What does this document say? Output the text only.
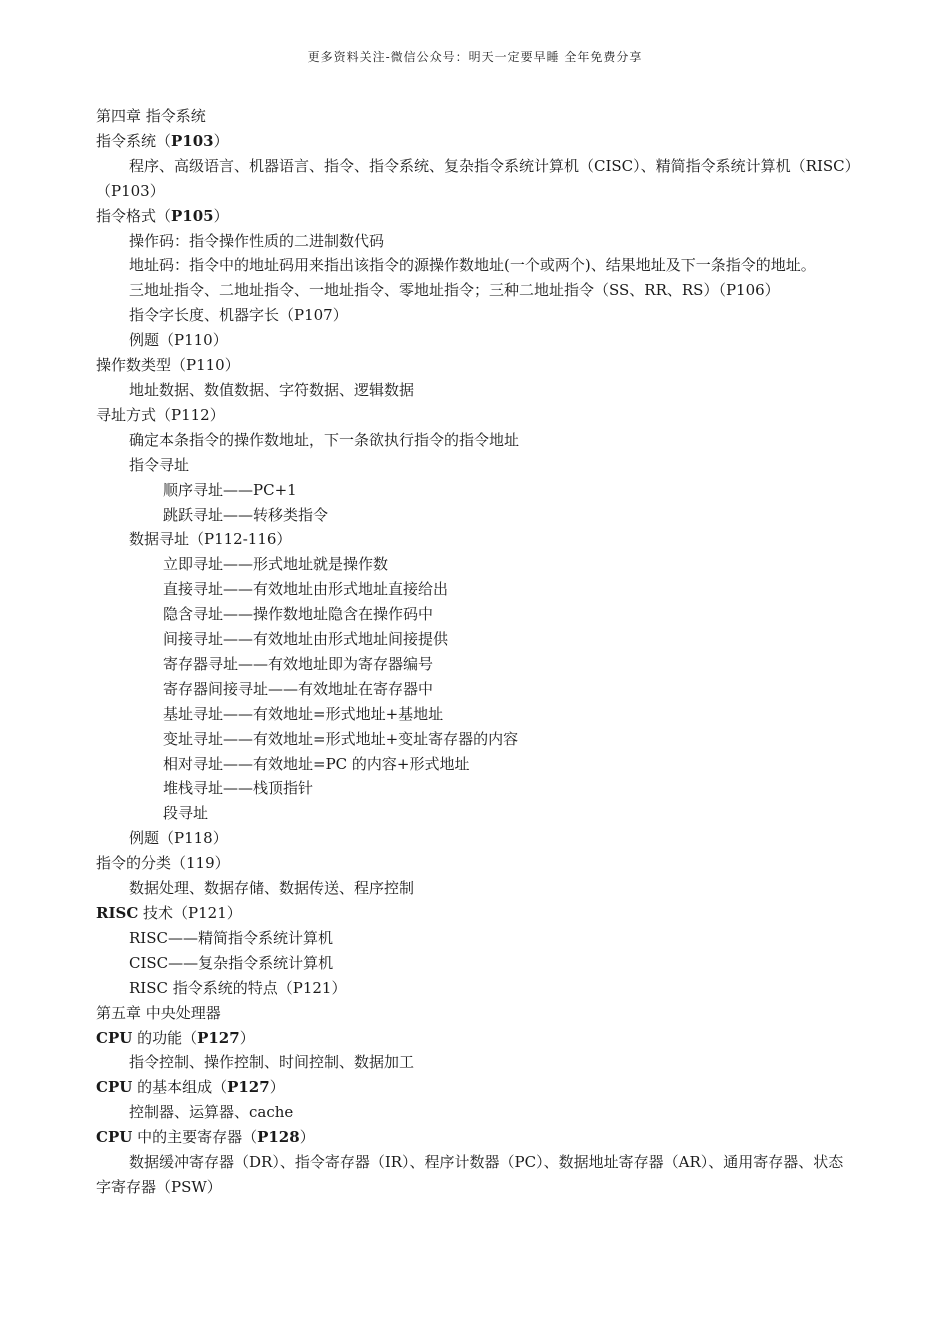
更多资料关注-微信公众号：明天一定要早睡 全年免费分享
第四章 指令系统
指令系统（P103）
程序、高级语言、机器语言、指令、指令系统、复杂指令系统计算机（CISC）、精简指令系统计算机（RISC）（P103）
指令格式（P105）
操作码：指令操作性质的二进制数代码
地址码：指令中的地址码用来指出该指令的源操作数地址(一个或两个)、结果地址及下一条指令的地址。
三地址指令、二地址指令、一地址指令、零地址指令；三种二地址指令（SS、RR、RS）（P106）
指令字长度、机器字长（P107）
例题（P110）
操作数类型（P110）
地址数据、数值数据、字符数据、逻辑数据
寻址方式（P112）
确定本条指令的操作数地址，下一条欲执行指令的指令地址
指令寻址
顺序寻址——PC+1
跳跃寻址——转移类指令
数据寻址（P112-116）
立即寻址——形式地址就是操作数
直接寻址——有效地址由形式地址直接给出
隐含寻址——操作数地址隐含在操作码中
间接寻址——有效地址由形式地址间接提供
寄存器寻址——有效地址即为寄存器编号
寄存器间接寻址——有效地址在寄存器中
基址寻址——有效地址=形式地址+基地址
变址寻址——有效地址=形式地址+变址寄存器的内容
相对寻址——有效地址=PC 的内容+形式地址
堆栈寻址——栈顶指针
段寻址
例题（P118）
指令的分类（119）
数据处理、数据存储、数据传送、程序控制
RISC 技术（P121）
RISC——精简指令系统计算机
CISC——复杂指令系统计算机
RISC 指令系统的特点（P121）
第五章 中央处理器
CPU 的功能（P127）
指令控制、操作控制、时间控制、数据加工
CPU 的基本组成（P127）
控制器、运算器、cache
CPU 中的主要寄存器（P128）
数据缓冲寄存器（DR）、指令寄存器（IR）、程序计数器（PC）、数据地址寄存器（AR）、通用寄存器、状态字寄存器（PSW）
